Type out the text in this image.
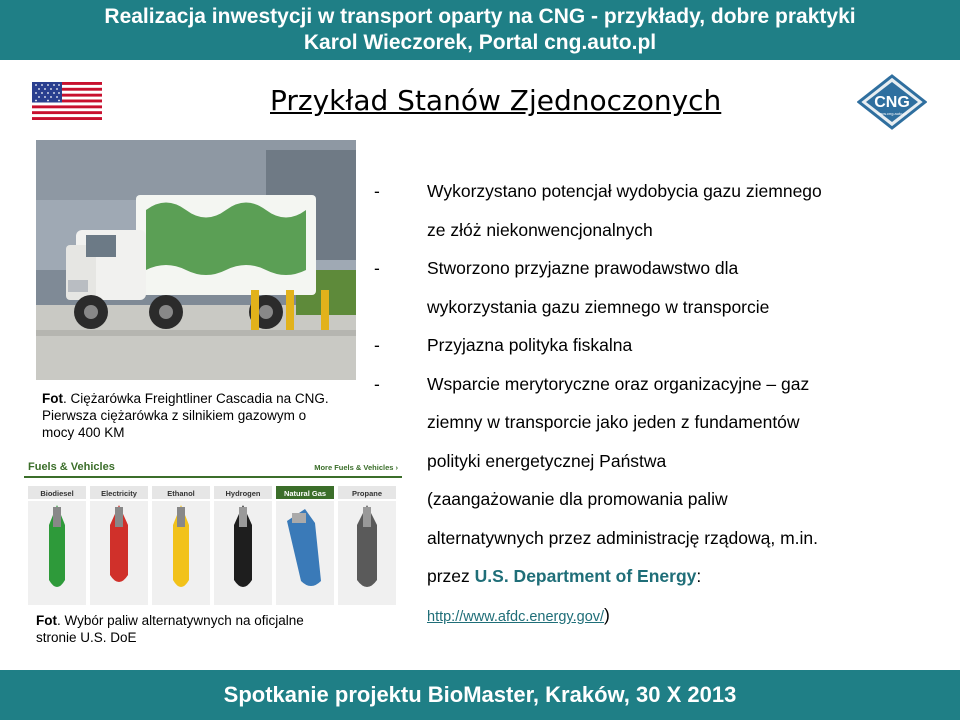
Realizacja inwestycji w transport oparty na CNG - przykłady, dobre praktyki
Karol Wieczorek, Portal cng.auto.pl
Przykład Stanów Zjednoczonych	CNG
www.cng.auto.pl
Fot. Ciężarówka Freightliner Cascadia na CNG. Pierwsza ciężarówka z silnikiem gazowym o mocy 400 KM
Fuels & Vehicles	More Fuels & Vehicles ›
Biodiesel	Electricity	Ethanol	Hydrogen	Natural Gas	Propane
Fot. Wybór paliw alternatywnych na oficjalne stronie U.S. DoE
-	Wykorzystano potencjał wydobycia gazu ziemnego
ze złóż niekonwencjonalnych
-	Stworzono przyjazne prawodawstwo dla
wykorzystania gazu ziemnego w transporcie
-	Przyjazna polityka fiskalna
-	Wsparcie merytoryczne oraz organizacyjne – gaz
ziemny w transporcie jako jeden z fundamentów
polityki energetycznej Państwa
(zaangażowanie dla promowania paliw
alternatywnych przez administrację rządową, m.in.
przez U.S. Department of Energy:
http://www.afdc.energy.gov/)
Spotkanie projektu BioMaster, Kraków, 30 X 2013
